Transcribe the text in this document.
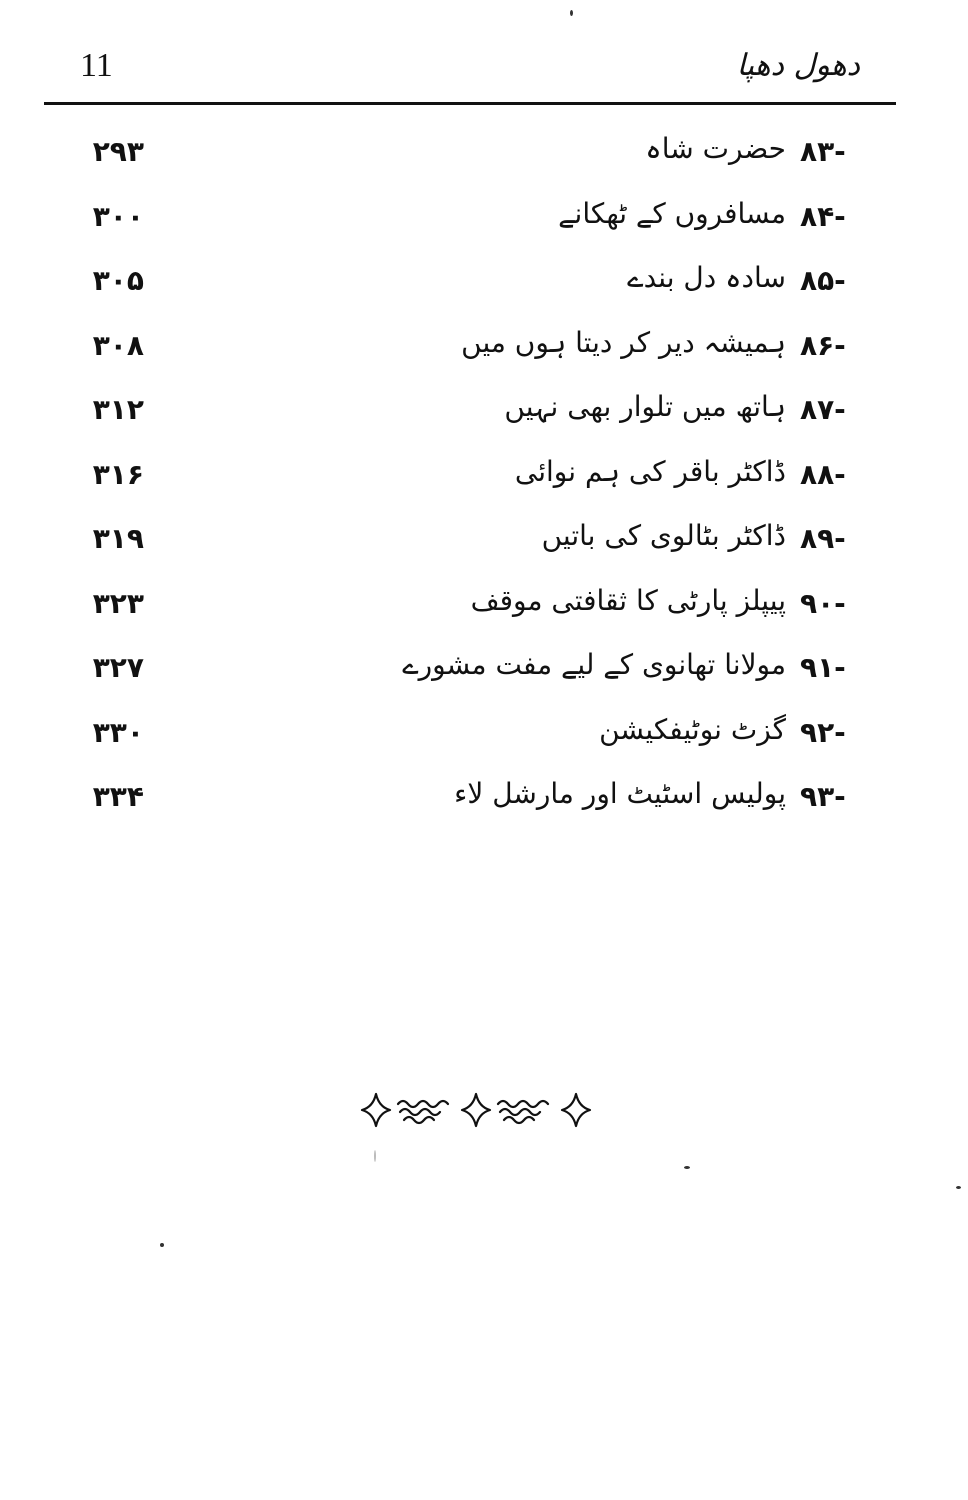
11	دھول دھپا
۸۳-
حضرت شاہ
۲۹۳
۸۴-
مسافروں کے ٹھکانے
۳۰۰
۸۵-
سادہ دل بندے
۳۰۵
۸۶-
ہمیشہ دیر کر دیتا ہوں میں
۳۰۸
۸۷-
ہاتھ میں تلوار بھی نہیں
۳۱۲
۸۸-
ڈاکٹر باقر کی ہم نوائی
۳۱۶
۸۹-
ڈاکٹر بٹالوی کی باتیں
۳۱۹
۹۰-
پیپلز پارٹی کا ثقافتی موقف
۳۲۳
۹۱-
مولانا تھانوی کے لیے مفت مشورے
۳۲۷
۹۲-
گزٹ نوٹیفکیشن
۳۳۰
۹۳-
پولیس اسٹیٹ اور مارشل لاء
۳۳۴
